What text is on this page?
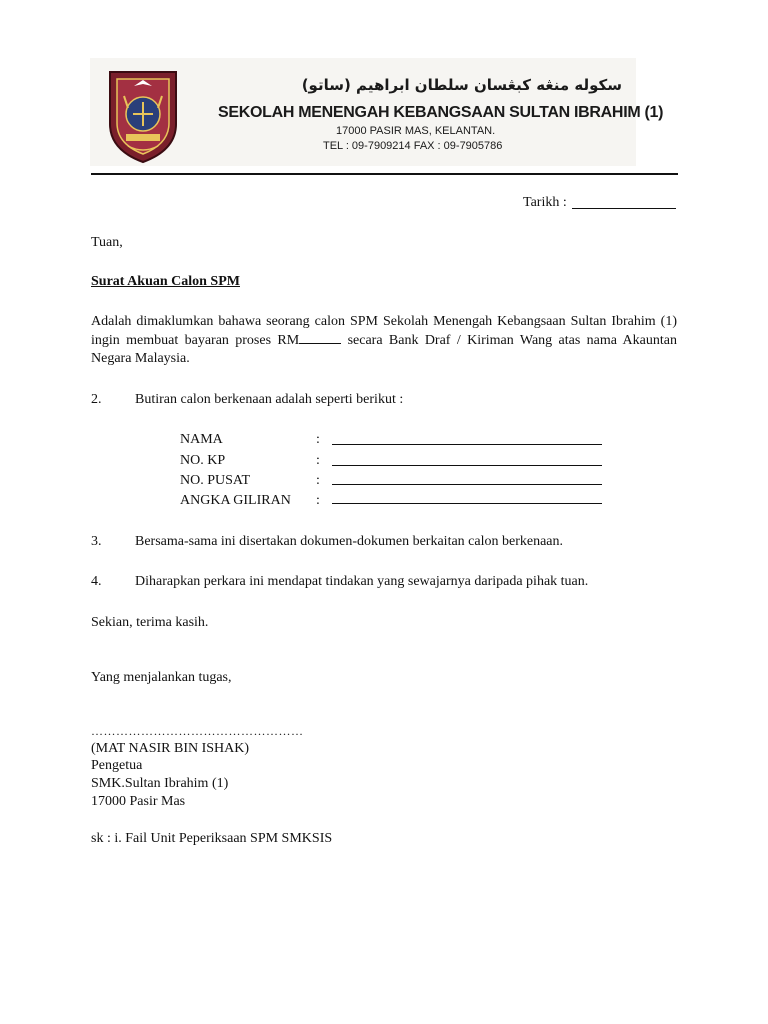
سکوله منڠه کبڠسان سلطان ابراهيم (ساتو)
SEKOLAH MENENGAH KEBANGSAAN SULTAN IBRAHIM (1)
17000 PASIR MAS, KELANTAN.
TEL : 09-7909214 FAX : 09-7905786
Tarikh :
Tuan,
Surat Akuan Calon SPM
Adalah dimaklumkan bahawa seorang calon SPM Sekolah Menengah Kebangsaan Sultan Ibrahim (1) ingin membuat bayaran proses RM	secara Bank Draf / Kiriman Wang atas nama Akauntan Negara Malaysia.
2. Butiran calon berkenaan adalah seperti berikut :
NAMA	:
NO. KP	:
NO. PUSAT	:
ANGKA GILIRAN :
3. Bersama-sama ini disertakan dokumen-dokumen berkaitan calon berkenaan.
4. Diharapkan perkara ini mendapat tindakan yang sewajarnya daripada pihak tuan.
Sekian, terima kasih.
Yang menjalankan tugas,
……………………………………………
(MAT NASIR BIN ISHAK)
Pengetua
SMK.Sultan Ibrahim (1)
17000 Pasir Mas
sk : i. Fail Unit Peperiksaan SPM SMKSIS
